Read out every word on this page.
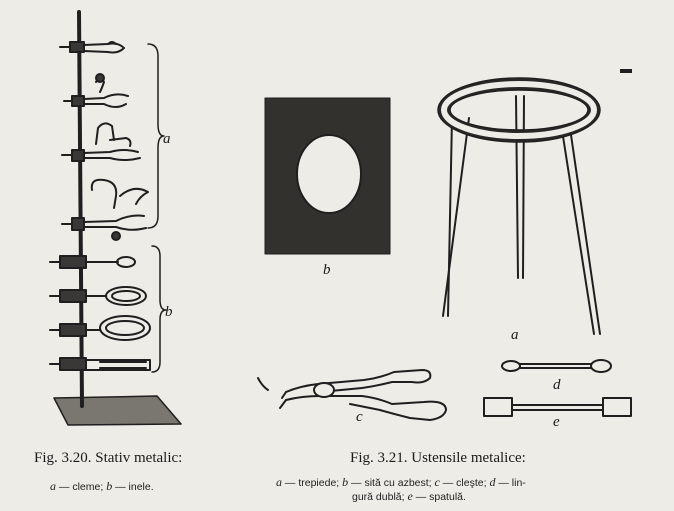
a
b
b
a
c
d
e
Fig. 3.20. Stativ metalic:
a — cleme; b — inele.
Fig. 3.21. Ustensile metalice:
a — trepiede; b — sită cu azbest; c — cleşte; d — lin-
gură dublă; e — spatulă.
